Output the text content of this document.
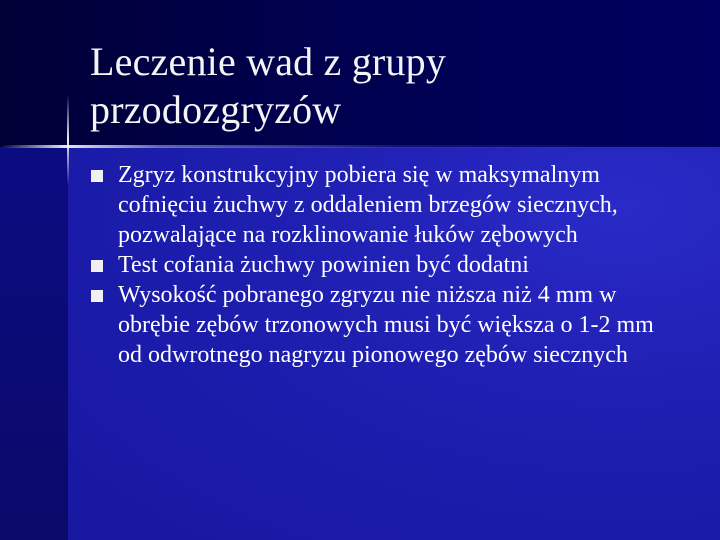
Leczenie wad z grupy przodozgryzów
Zgryz konstrukcyjny pobiera się w maksymalnym cofnięciu żuchwy z oddaleniem brzegów siecznych, pozwalające na rozklinowanie łuków zębowych
Test cofania żuchwy powinien być dodatni
Wysokość pobranego zgryzu nie niższa niż 4 mm w obrębie zębów trzonowych musi być większa o 1-2 mm od odwrotnego nagryzu pionowego zębów siecznych
